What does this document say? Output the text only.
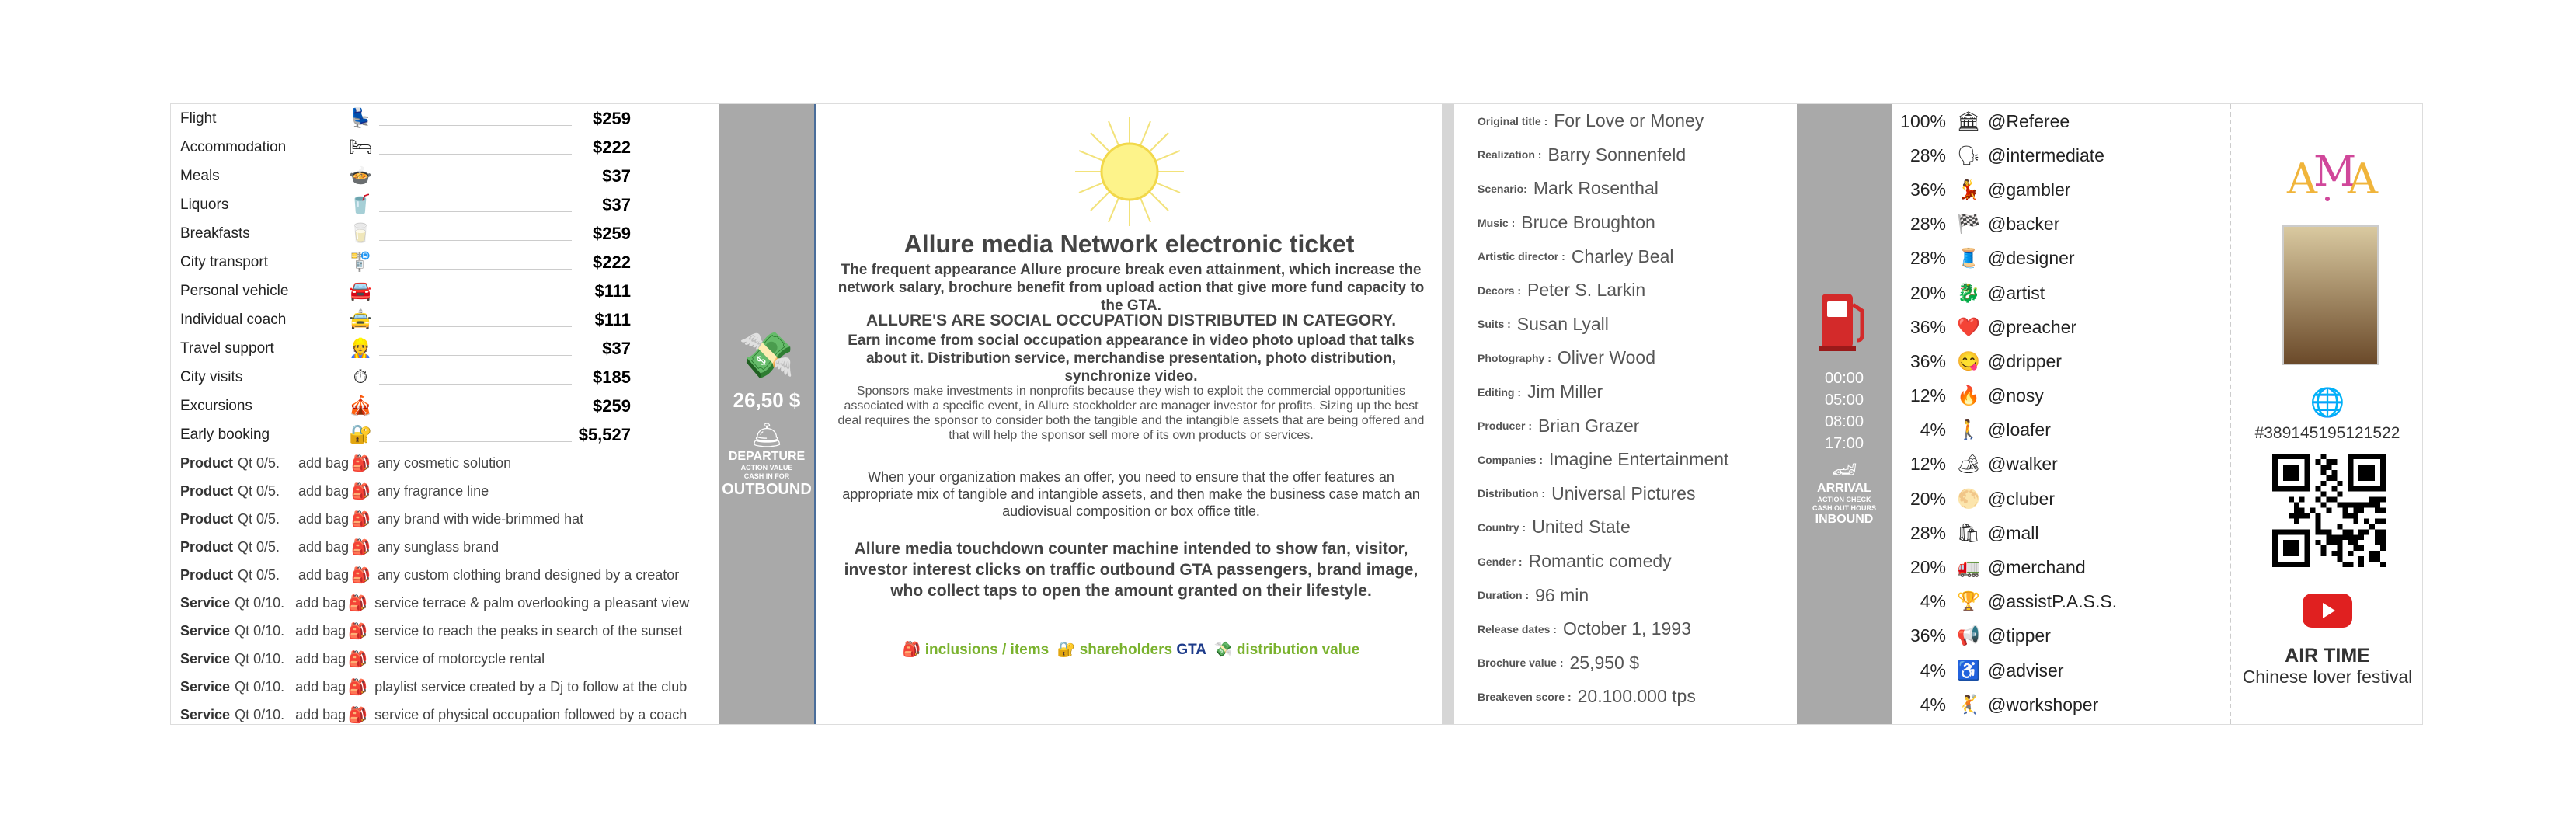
Flight	💺	$259
Accommodation	🛏	$222
Meals	🍲	$37
Liquors	🥤	$37
Breakfasts	🥛	$259
City transport	🚏	$222
Personal vehicle	🚘	$111
Individual coach	🚖	$111
Travel support	👷	$37
City visits	⏱	$185
Excursions	🎪	$259
Early booking	🔐	$5,527
Product Qt 0/5.	add bag 🎒 any cosmetic solution
Product Qt 0/5.	add bag 🎒 any fragrance line
Product Qt 0/5.	add bag 🎒 any brand with wide-brimmed hat
Product Qt 0/5.	add bag 🎒 any sunglass brand
Product Qt 0/5.	add bag 🎒 any custom clothing brand designed by a creator
Service Qt 0/10. add bag 🎒 service terrace & palm overlooking a pleasant view
Service Qt 0/10. add bag 🎒 service to reach the peaks in search of the sunset
Service Qt 0/10. add bag 🎒 service of motorcycle rental
Service Qt 0/10. add bag 🎒 playlist service created by a Dj to follow at the club
Service Qt 0/10. add bag 🎒 service of physical occupation followed by a coach
💸
26,50 $
🛎
DEPARTURE
ACTION VALUE
CASH IN FOR
OUTBOUND
Allure media Network electronic ticket
The frequent appearance Allure procure break even attainment, which increase the network salary, brochure benefit from upload action that give more fund capacity to the GTA.
ALLURE'S ARE SOCIAL OCCUPATION DISTRIBUTED IN CATEGORY.
Earn income from social occupation appearance in video photo upload that talks about it. Distribution service, merchandise presentation, photo distribution, synchronize video.
Sponsors make investments in nonprofits because they wish to exploit the commercial opportunities associated with a specific event, in Allure stockholder are manager investor for profits. Sizing up the best deal requires the sponsor to consider both the tangible and the intangible assets that are being offered and that will help the sponsor sell more of its own products or services.
When your organization makes an offer, you need to ensure that the offer features an appropriate mix of tangible and intangible assets, and then make the business case match an audiovisual composition or box office title.
Allure media touchdown counter machine intended to show fan, visitor, investor interest clicks on traffic outbound GTA passengers, brand image, who collect taps to open the amount granted on their lifestyle.
🎒 inclusions / items 🔐 shareholders GTA 💸 distribution value
Original title : For Love or Money
Realization : Barry Sonnenfeld
Scenario: Mark Rosenthal
Music : Bruce Broughton
Artistic director : Charley Beal
Decors : Peter S. Larkin
Suits : Susan Lyall
Photography : Oliver Wood
Editing : Jim Miller
Producer : Brian Grazer
Companies : Imagine Entertainment
Distribution : Universal Pictures
Country : United State
Gender : Romantic comedy
Duration : 96 min
Release dates : October 1, 1993
Brochure value : 25,950 $
Breakeven score : 20.100.000 tps
00:00
05:00
08:00
17:00
🏎
ARRIVAL
ACTION CHECK
CASH OUT HOURS
INBOUND
100% 🏛 @Referee
28% 🗣 @intermediate
36% 💃 @gambler
28% 🏁 @backer
28% 🧵 @designer
20% 🐉 @artist
36% ❤️ @preacher
36% 😋 @dripper
12% 🔥 @nosy
4% 🚶 @loafer
12% 🏕 @walker
20% 🌕 @cluber
28% 🛍 @mall
20% 🚛 @merchand
4% 🏆 @assistP.A.S.S.
36% 📢 @tipper
4% ♿ @adviser
4% 🤾 @workshoper
A
M
A
🌐
#389145195121522
AIR TIME
Chinese lover festival
